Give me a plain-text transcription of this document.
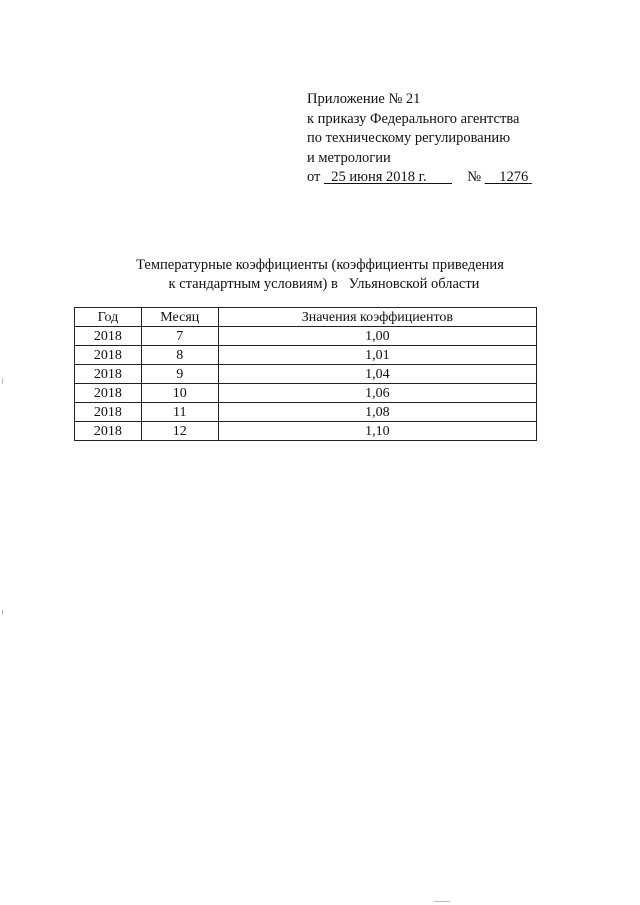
Приложение № 21
к приказу Федерального агентства
по техническому регулированию
и метрологии
от 25 июня 2018 г.	№ 1276
Температурные коэффициенты (коэффициенты приведения
к стандартным условиям) в   Ульяновской области
Год	Месяц	Значения коэффициентов
2018	7	1,00
2018	8	1,01
2018	9	1,04
2018	10	1,06
2018	11	1,08
2018	12	1,10
